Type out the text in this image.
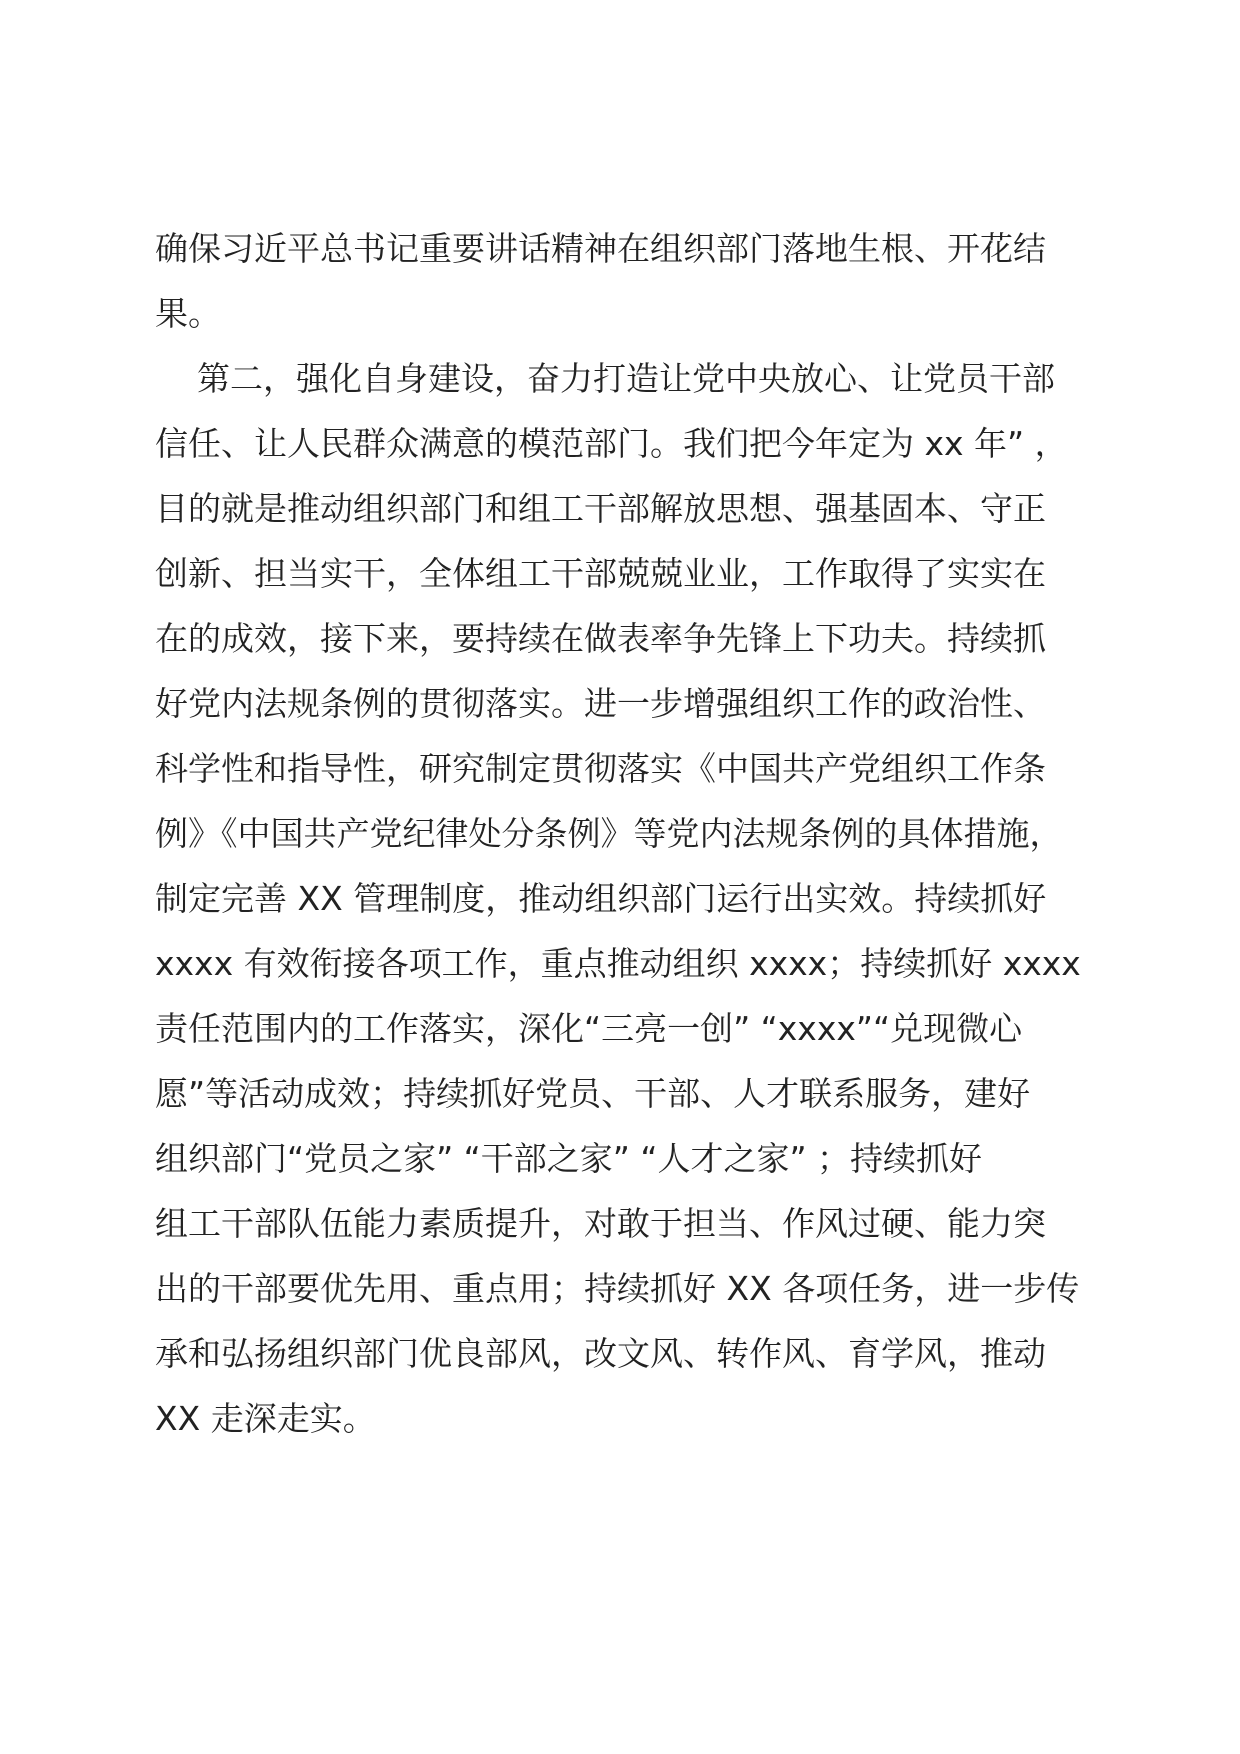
确保习近平总书记重要讲话精神在组织部门落地生根、开花结
果。
第二，强化自身建设，奋力打造让党中央放心、让党员干部
信任、让人民群众满意的模范部门。我们把今年定为 xx 年” ，
目的就是推动组织部门和组工干部解放思想、强基固本、守正
创新、担当实干，全体组工干部兢兢业业，工作取得了实实在
在的成效，接下来，要持续在做表率争先锋上下功夫。持续抓
好党内法规条例的贯彻落实。进一步增强组织工作的政治性、
科学性和指导性，研究制定贯彻落实《中国共产党组织工作条
例》《中国共产党纪律处分条例》等党内法规条例的具体措施，
制定完善 XX 管理制度，推动组织部门运行出实效。持续抓好
xxxx 有效衔接各项工作，重点推动组织 xxxx；持续抓好 xxxx
责任范围内的工作落实，深化“三亮一创” “xxxx”“兑现微心
愿”等活动成效；持续抓好党员、干部、人才联系服务，建好
组织部门“党员之家” “干部之家” “人才之家” ；持续抓好
组工干部队伍能力素质提升，对敢于担当、作风过硬、能力突
出的干部要优先用、重点用；持续抓好 XX 各项任务，进一步传
承和弘扬组织部门优良部风，改文风、转作风、育学风，推动
XX 走深走实。
